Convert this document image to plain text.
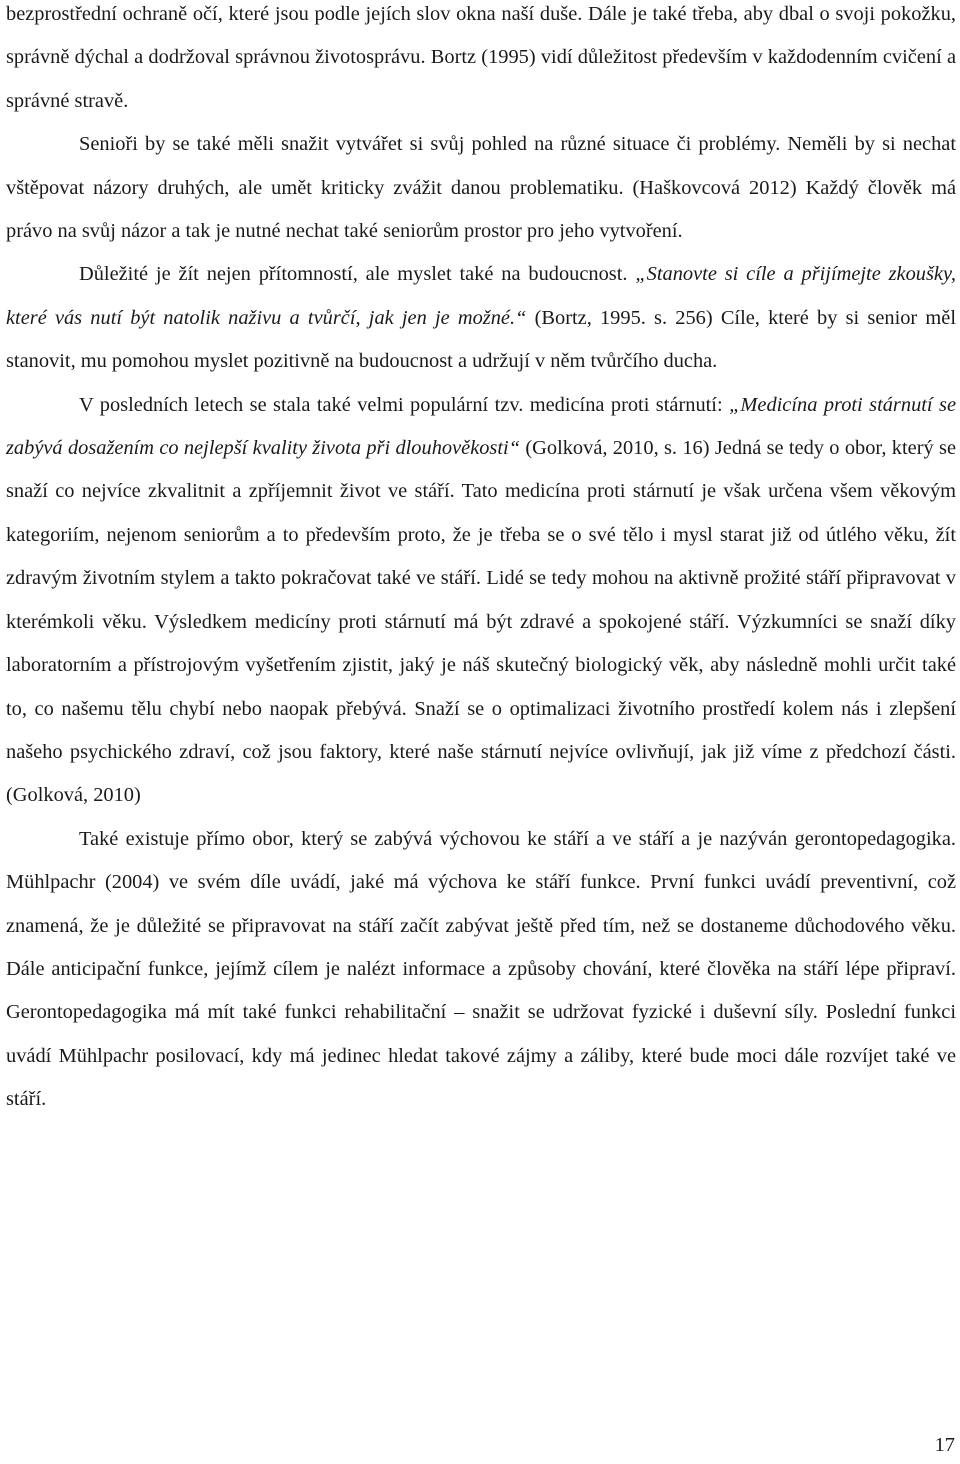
bezprostřední ochraně očí, které jsou podle jejích slov okna naší duše. Dále je také třeba, aby dbal o svoji pokožku, správně dýchal a dodržoval správnou životosprávu. Bortz (1995) vidí důležitost především v každodenním cvičení a správné stravě.

Senioři by se také měli snažit vytvářet si svůj pohled na různé situace či problémy. Neměli by si nechat vštěpovat názory druhých, ale umět kriticky zvážit danou problematiku. (Haškovcová 2012) Každý člověk má právo na svůj názor a tak je nutné nechat také seniorům prostor pro jeho vytvoření.

Důležité je žít nejen přítomností, ale myslet také na budoucnost. „Stanovte si cíle a přijímejte zkoušky, které vás nutí být natolik naživu a tvůrčí, jak jen je možné.“ (Bortz, 1995. s. 256) Cíle, které by si senior měl stanovit, mu pomohou myslet pozitivně na budoucnost a udržují v něm tvůrčího ducha.

V posledních letech se stala také velmi populární tzv. medicína proti stárnutí: „Medicína proti stárnutí se zabývá dosažením co nejlepší kvality života při dlouhověkosti“ (Golková, 2010, s. 16) Jedná se tedy o obor, který se snaží co nejvíce zkvalitnit a zpříjemnit život ve stáří. Tato medicína proti stárnutí je však určena všem věkovým kategoriím, nejenom seniorům a to především proto, že je třeba se o své tělo i mysl starat již od útlého věku, žít zdravým životním stylem a takto pokračovat také ve stáří. Lidé se tedy mohou na aktivně prožité stáří připravovat v kterémkoli věku. Výsledkem medicíny proti stárnutí má být zdravé a spokojené stáří. Výzkumníci se snaží díky laboratorním a přístrojovým vyšetřením zjistit, jaký je náš skutečný biologický věk, aby následně mohli určit také to, co našemu tělu chybí nebo naopak přebývá. Snaží se o optimalizaci životního prostředí kolem nás i zlepšení našeho psychického zdraví, což jsou faktory, které naše stárnutí nejvíce ovlivňují, jak již víme z předchozí části. (Golková, 2010)

Také existuje přímo obor, který se zabývá výchovou ke stáří a ve stáří a je nazýván gerontopedagogika. Mühlpachr (2004) ve svém díle uvádí, jaké má výchova ke stáří funkce. První funkci uvádí preventivní, což znamená, že je důležité se připravovat na stáří začít zabývat ještě před tím, než se dostaneme důchodového věku. Dále anticipační funkce, jejímž cílem je nalézt informace a způsoby chování, které člověka na stáří lépe připraví. Gerontopedagogika má mít také funkci rehabilitační – snažit se udržovat fyzické i duševní síly. Poslední funkci uvádí Mühlpachr posilovací, kdy má jedinec hledat takové zájmy a záliby, které bude moci dále rozvíjet také ve stáří.

17
